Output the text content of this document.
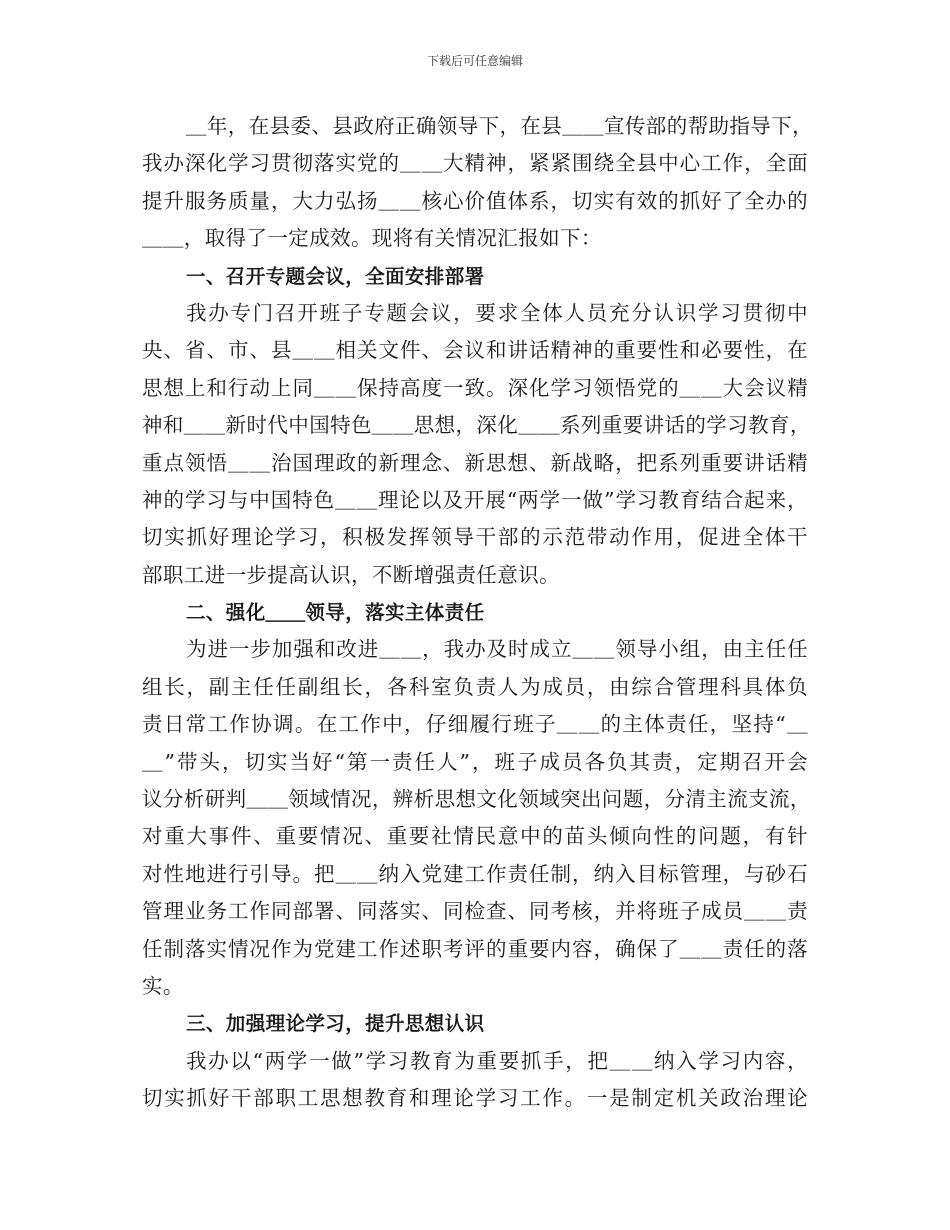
下载后可任意编辑
＿年，在县委、县政府正确领导下，在县＿＿宣传部的帮助指导下，
我办深化学习贯彻落实党的＿＿大精神，紧紧围绕全县中心工作，全面
提升服务质量，大力弘扬＿＿核心价值体系，切实有效的抓好了全办的
＿＿，取得了一定成效。现将有关情况汇报如下：
一、召开专题会议，全面安排部署
我办专门召开班子专题会议，要求全体人员充分认识学习贯彻中
央、省、市、县＿＿相关文件、会议和讲话精神的重要性和必要性，在
思想上和行动上同＿＿保持高度一致。深化学习领悟党的＿＿大会议精
神和＿＿新时代中国特色＿＿思想，深化＿＿系列重要讲话的学习教育，
重点领悟＿＿治国理政的新理念、新思想、新战略，把系列重要讲话精
神的学习与中国特色＿＿理论以及开展“两学一做”学习教育结合起来，
切实抓好理论学习，积极发挥领导干部的示范带动作用，促进全体干
部职工进一步提高认识，不断增强责任意识。
二、强化＿＿领导，落实主体责任
为进一步加强和改进＿＿，我办及时成立＿＿领导小组，由主任任
组长，副主任任副组长，各科室负责人为成员，由综合管理科具体负
责日常工作协调。在工作中，仔细履行班子＿＿的主体责任，坚持“＿
＿”带头，切实当好“第一责任人”，班子成员各负其责，定期召开会
议分析研判＿＿领域情况，辨析思想文化领域突出问题，分清主流支流，
对重大事件、重要情况、重要社情民意中的苗头倾向性的问题，有针
对性地进行引导。把＿＿纳入党建工作责任制，纳入目标管理，与砂石
管理业务工作同部署、同落实、同检查、同考核，并将班子成员＿＿责
任制落实情况作为党建工作述职考评的重要内容，确保了＿＿责任的落
实。
三、加强理论学习，提升思想认识
我办以“两学一做”学习教育为重要抓手，把＿＿纳入学习内容，
切实抓好干部职工思想教育和理论学习工作。一是制定机关政治理论
